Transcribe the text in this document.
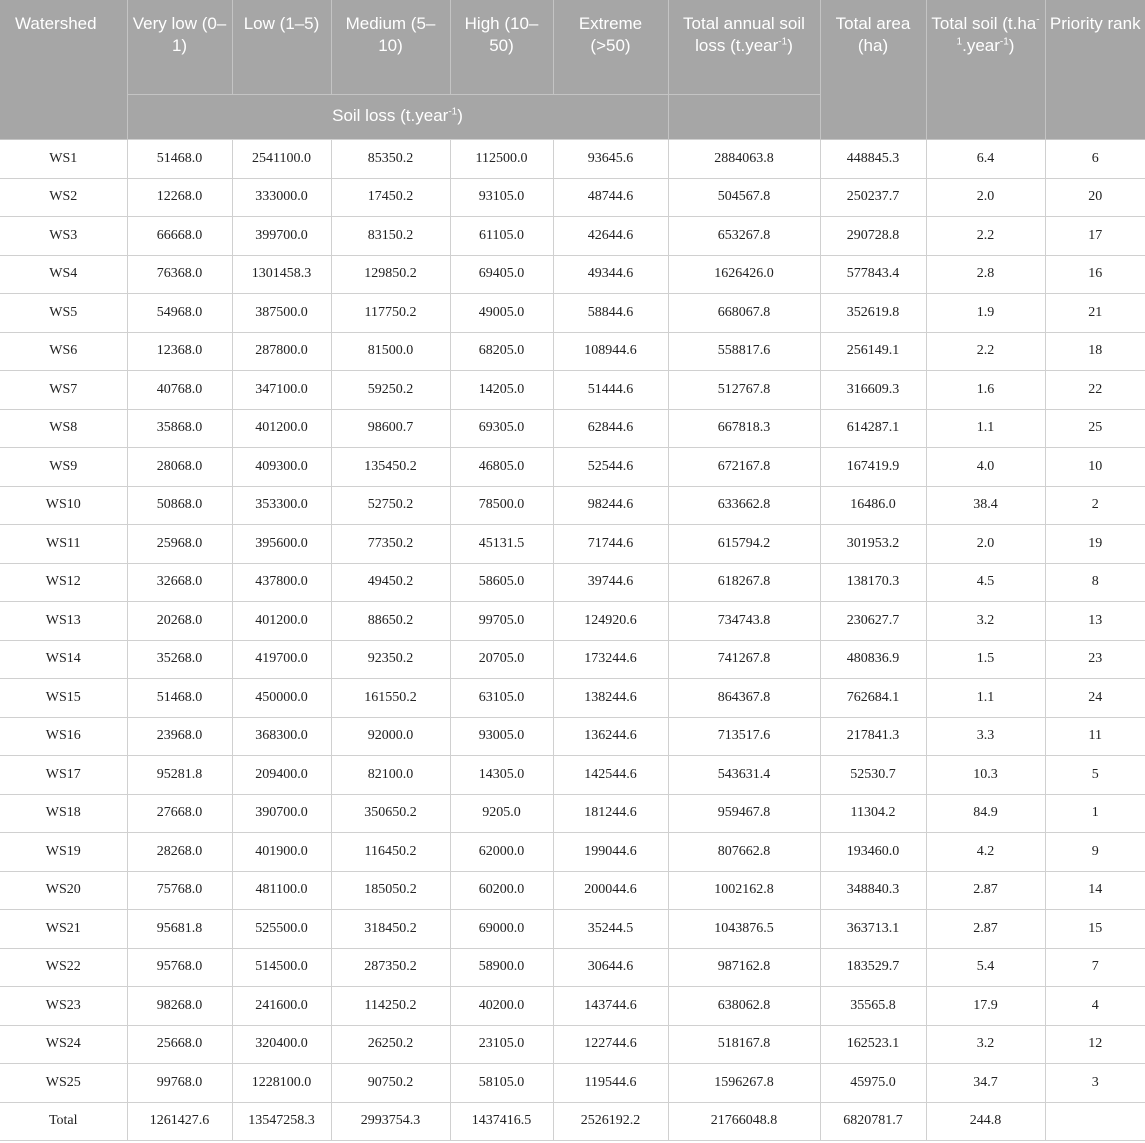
Watershed	Very low (0–1)	Low (1–5)	Medium (5–10)	High (10–50)	Extreme (>50)	Total annual soil loss (t.year$^{-1}$)	Total area (ha)	Total soil $(t.ha^{-1}.year^{-1})$	Priority rank
	Soil loss (t.year$^{-1}$)								
WS1	51468.0	2541100.0	85350.2	112500.0	93645.6	2884063.8	448845.3	6.4	6
WS2	12268.0	333000.0	17450.2	93105.0	48744.6	504567.8	250237.7	2.0	20
WS3	66668.0	399700.0	83150.2	61105.0	42644.6	653267.8	290728.8	2.2	17
WS4	76368.0	1301458.3	129850.2	69405.0	49344.6	1626426.0	577843.4	2.8	16
WS5	54968.0	387500.0	117750.2	49005.0	58844.6	668067.8	352619.8	1.9	21
WS6	12368.0	287800.0	81500.0	68205.0	108944.6	558817.6	256149.1	2.2	18
WS7	40768.0	347100.0	59250.2	14205.0	51444.6	512767.8	316609.3	1.6	22
WS8	35868.0	401200.0	98600.7	69305.0	62844.6	667818.3	614287.1	1.1	25
WS9	28068.0	409300.0	135450.2	46805.0	52544.6	672167.8	167419.9	4.0	10
WS10	50868.0	353300.0	52750.2	78500.0	98244.6	633662.8	16486.0	38.4	2
WS11	25968.0	395600.0	77350.2	45131.5	71744.6	615794.2	301953.2	2.0	19
WS12	32668.0	437800.0	49450.2	58605.0	39744.6	618267.8	138170.3	4.5	8
WS13	20268.0	401200.0	88650.2	99705.0	124920.6	734743.8	230627.7	3.2	13
WS14	35268.0	419700.0	92350.2	20705.0	173244.6	741267.8	480836.9	1.5	23
WS15	51468.0	450000.0	161550.2	63105.0	138244.6	864367.8	762684.1	1.1	24
WS16	23968.0	368300.0	92000.0	93005.0	136244.6	713517.6	217841.3	3.3	11
WS17	95281.8	209400.0	82100.0	14305.0	142544.6	543631.4	52530.7	10.3	5
WS18	27668.0	390700.0	350650.2	9205.0	181244.6	959467.8	11304.2	84.9	1
WS19	28268.0	401900.0	116450.2	62000.0	199044.6	807662.8	193460.0	4.2	9
WS20	75768.0	481100.0	185050.2	60200.0	200044.6	1002162.8	348840.3	2.87	14
WS21	95681.8	525500.0	318450.2	69000.0	35244.5	1043876.5	363713.1	2.87	15
WS22	95768.0	514500.0	287350.2	58900.0	30644.6	987162.8	183529.7	5.4	7
WS23	98268.0	241600.0	114250.2	40200.0	143744.6	638062.8	35565.8	17.9	4
WS24	25668.0	320400.0	26250.2	23105.0	122744.6	518167.8	162523.1	3.2	12
WS25	99768.0	1228100.0	90750.2	58105.0	119544.6	1596267.8	45975.0	34.7	3
Total	1261427.6	13547258.3	2993754.3	1437416.5	2526192.2	21766048.8	6820781.7	244.8	
